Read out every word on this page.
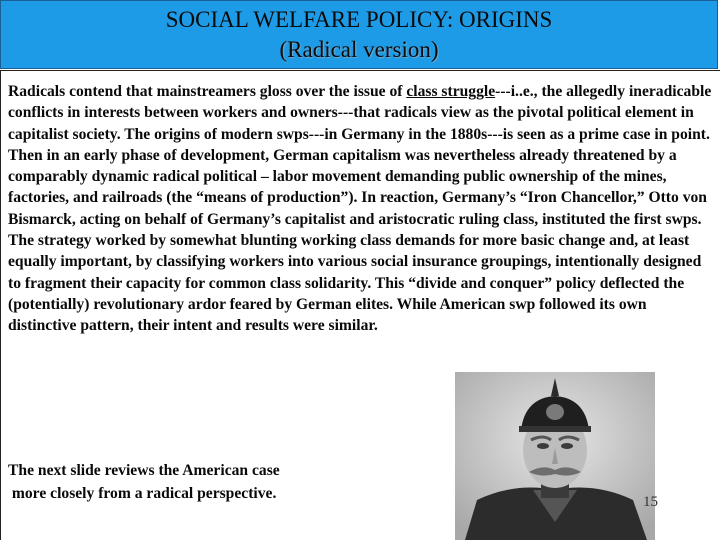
SOCIAL WELFARE POLICY: ORIGINS
(Radical version)

Radicals contend that mainstreamers gloss over the issue of class struggle---i..e., the allegedly ineradicable conflicts in interests between workers and owners---that radicals view as the pivotal political element in capitalist society. The origins of modern swps---in Germany in the 1880s---is seen as a prime case in point. Then in an early phase of development, German capitalism was nevertheless already threatened by a comparably dynamic radical political – labor movement demanding public ownership of the mines, factories, and railroads (the “means of production”). In reaction, Germany’s “Iron Chancellor,” Otto von Bismarck, acting on behalf of Germany’s capitalist and aristocratic ruling class, instituted the first swps. The strategy worked by somewhat blunting working class demands for more basic change and, at least equally important, by classifying workers into various social insurance groupings, intentionally designed to fragment their capacity for common class solidarity. This “divide and conquer” policy deflected the (potentially) revolutionary ardor feared by German elites. While American swp followed its own distinctive pattern, their intent and results were similar.

The next slide reviews the American case
more closely from a radical perspective.	15
